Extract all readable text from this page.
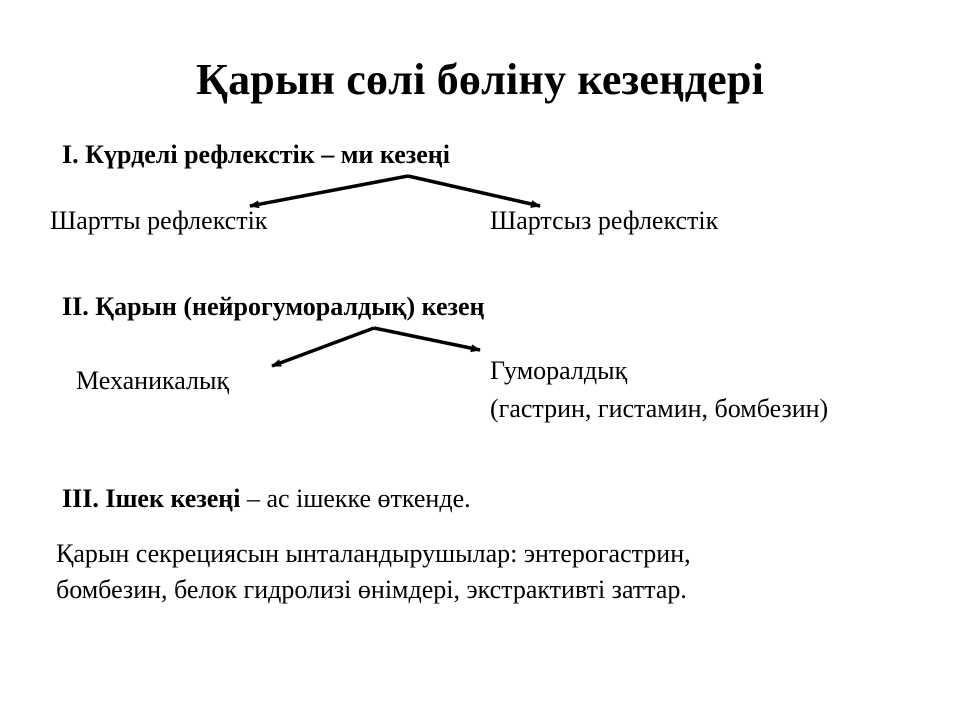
Қарын сөлі бөліну кезеңдері
I. Күрделі рефлекстік – ми кезеңі
Шартты рефлекстік	Шартсыз рефлекстік
II. Қарын (нейрогуморалдық) кезең
Механикалық	Гуморалдық
(гастрин, гистамин, бомбезин)
III. Ішек кезеңі – ас ішекке өткенде.
Қарын секрециясын ынталандырушылар: энтерогастрин,
бомбезин, белок гидролизі өнімдері, экстрактивті заттар.
